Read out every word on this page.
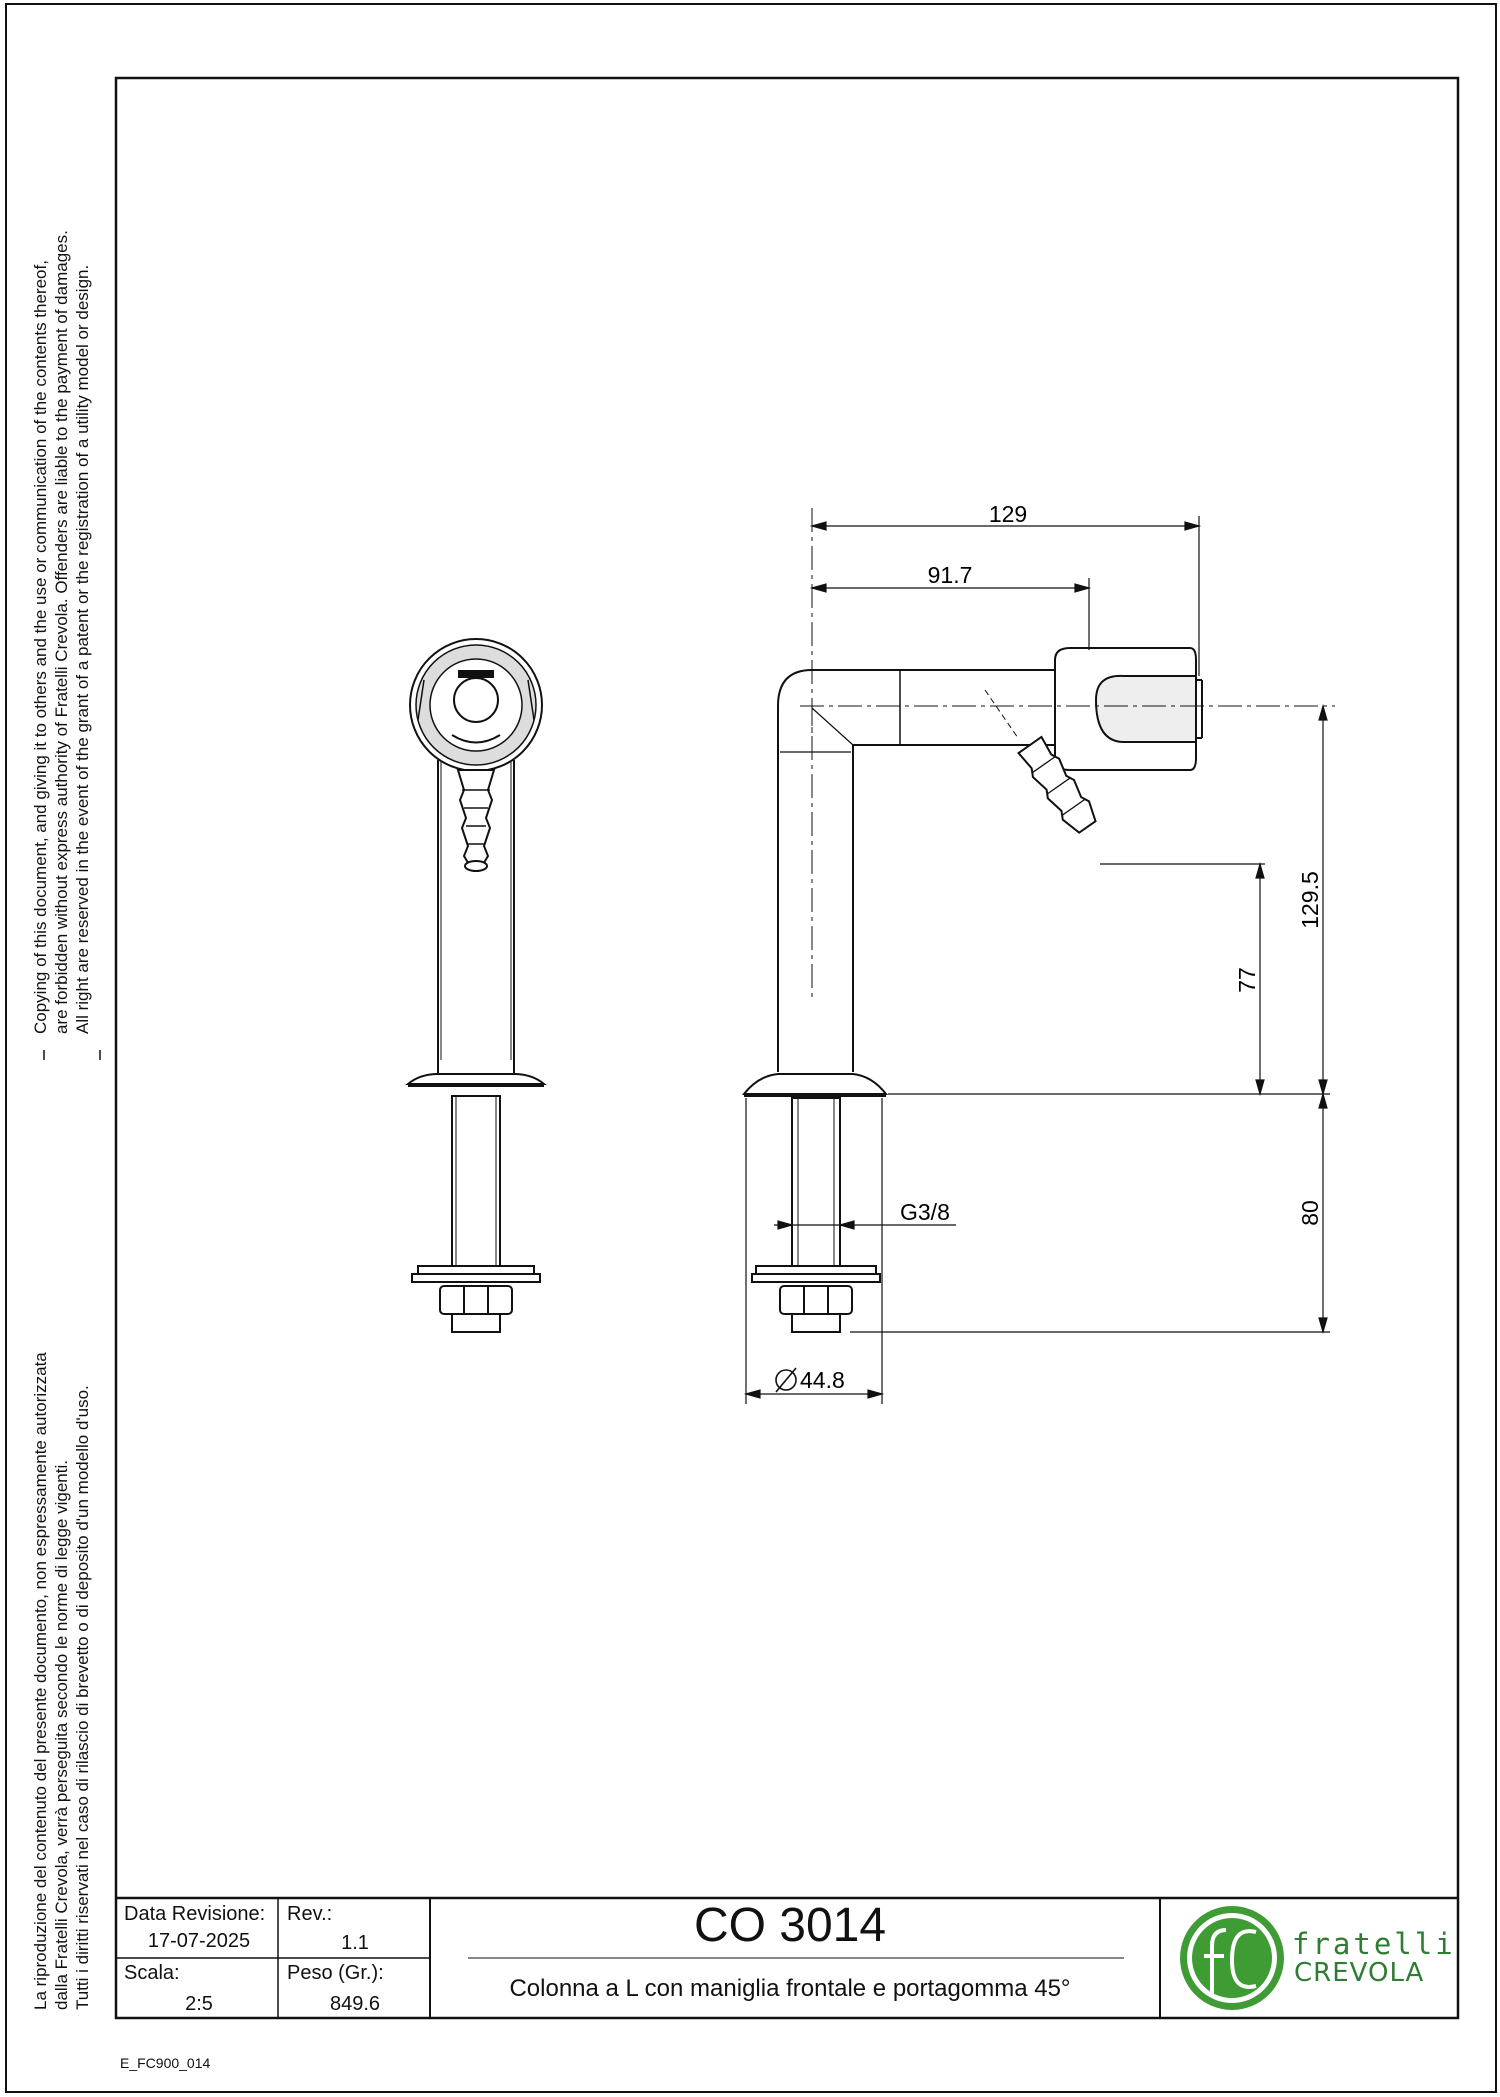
129
91.7
G3/8
44.8
129.5
77
80
Copying of this document, and giving it to others and the use or communication of the contents thereof, are forbidden without express authority of Fratelli Crevola. Offenders are liable to the payment of damages. All right are reserved in the event of the grant of a patent or the registration of a utility model or design.
La riproduzione del contenuto del presente documento, non espressamente autorizzata dalla Fratelli Crevola, verrà perseguita secondo le norme di legge vigenti. Tutti i diritti riservati nel caso di rilascio di brevetto o di deposito d'un modello d'uso. Data Revisione:
17-07-2025
Rev.:
1.1
Scala:
2:5
Peso (Gr.):
849.6
CO 3014
Colonna a L con maniglia frontale e portagomma 45°
fratelli
CREVOLA
E_FC900_014
